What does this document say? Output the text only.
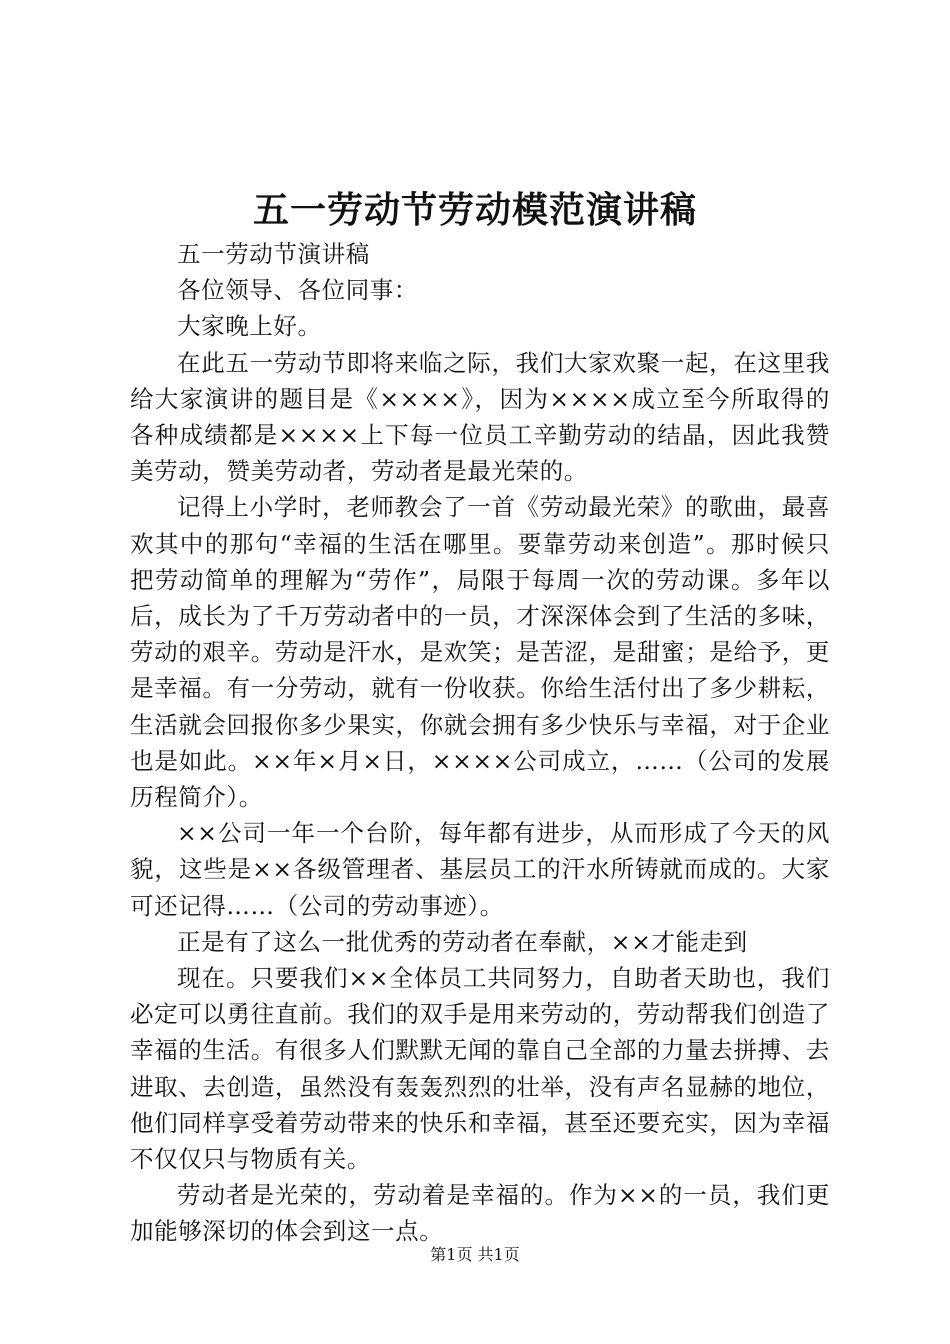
五一劳动节劳动模范演讲稿

五一劳动节演讲稿

各位领导、各位同事：

大家晚上好。

在此五一劳动节即将来临之际，我们大家欢聚一起，在这里我给大家演讲的题目是《××××》，因为××××成立至今所取得的各种成绩都是××××上下每一位员工辛勤劳动的结晶，因此我赞美劳动，赞美劳动者，劳动者是最光荣的。

记得上小学时，老师教会了一首《劳动最光荣》的歌曲，最喜欢其中的那句“幸福的生活在哪里。要靠劳动来创造”。那时候只把劳动简单的理解为“劳作”，局限于每周一次的劳动课。多年以后，成长为了千万劳动者中的一员，才深深体会到了生活的多味，劳动的艰辛。劳动是汗水，是欢笑；是苦涩，是甜蜜；是给予，更是幸福。有一分劳动，就有一份收获。你给生活付出了多少耕耘，生活就会回报你多少果实，你就会拥有多少快乐与幸福，对于企业也是如此。××年×月×日，××××公司成立，……（公司的发展历程简介）。

××公司一年一个台阶，每年都有进步，从而形成了今天的风貌，这些是××各级管理者、基层员工的汗水所铸就而成的。大家可还记得……（公司的劳动事迹）。

正是有了这么一批优秀的劳动者在奉献，××才能走到

现在。只要我们××全体员工共同努力，自助者天助也，我们必定可以勇往直前。我们的双手是用来劳动的，劳动帮我们创造了幸福的生活。有很多人们默默无闻的靠自己全部的力量去拼搏、去进取、去创造，虽然没有轰轰烈烈的壮举，没有声名显赫的地位，他们同样享受着劳动带来的快乐和幸福，甚至还要充实，因为幸福不仅仅只与物质有关。

劳动者是光荣的，劳动着是幸福的。作为××的一员，我们更加能够深切的体会到这一点。

第1页 共1页
